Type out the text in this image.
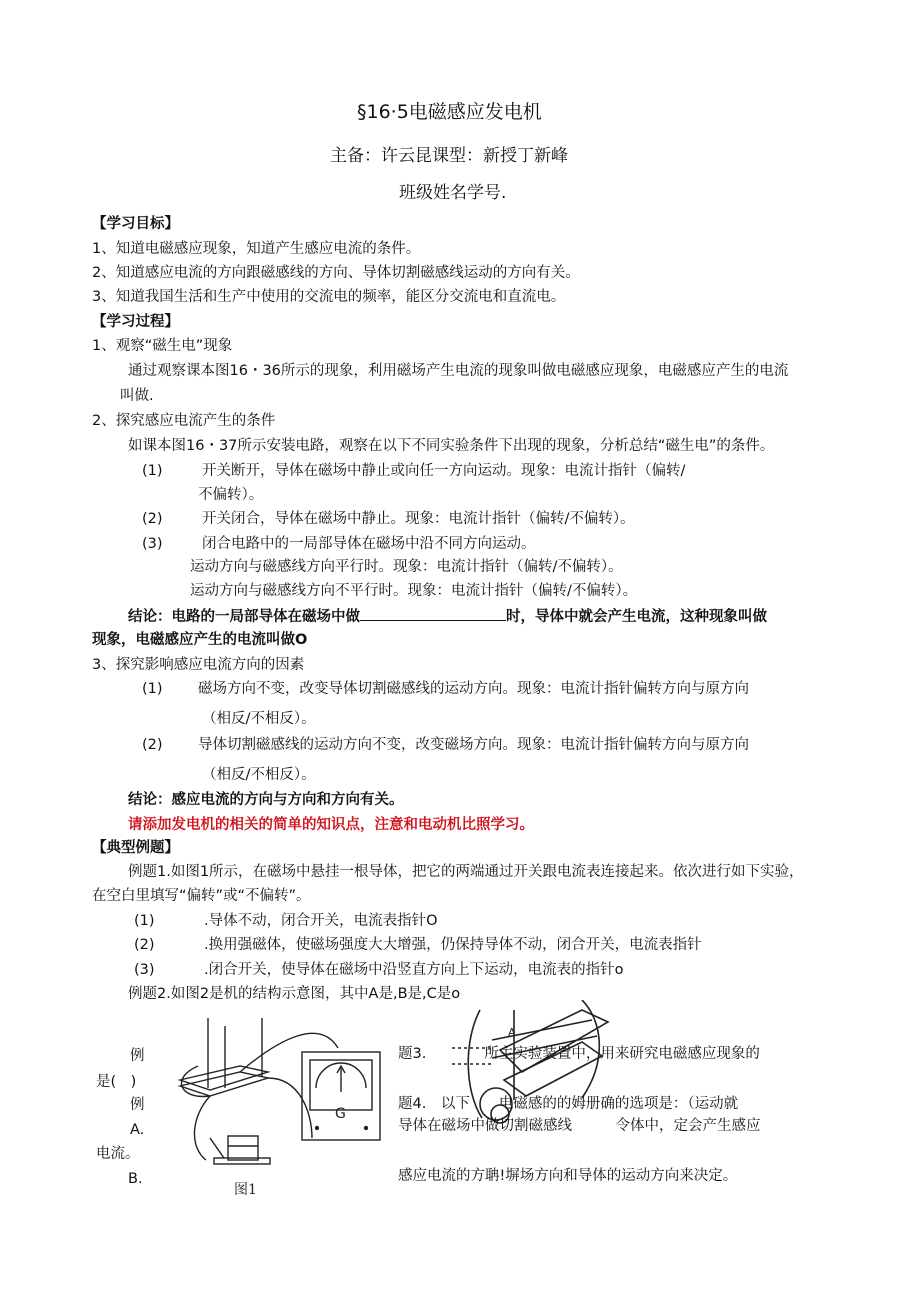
§16·5电磁感应发电机
主备：许云昆课型：新授丁新峰
班级姓名学号.
【学习目标】
1、知道电磁感应现象，知道产生感应电流的条件。
2、知道感应电流的方向跟磁感线的方向、导体切割磁感线运动的方向有关。
3、知道我国生活和生产中使用的交流电的频率，能区分交流电和直流电。
【学习过程】
1、观察“磁生电”现象
通过观察课本图16・36所示的现象，利用磁场产生电流的现象叫做电磁感应现象，电磁感应产生的电流
叫做.
2、探究感应电流产生的条件
如课本图16・37所示安装电路，观察在以下不同实验条件下出现的现象，分析总结“磁生电”的条件。
(1)	开关断开，导体在磁场中静止或向任一方向运动。现象：电流计指针（偏转/
不偏转）。
(2)	开关闭合，导体在磁场中静止。现象：电流计指针（偏转/不偏转）。
(3)	闭合电路中的一局部导体在磁场中沿不同方向运动。
运动方向与磁感线方向平行时。现象：电流计指针（偏转/不偏转）。
运动方向与磁感线方向不平行时。现象：电流计指针（偏转/不偏转）。
结论：电路的一局部导体在磁场中做	时，导体中就会产生电流，这种现象叫做
现象，电磁感应产生的电流叫做O
3、探究影响感应电流方向的因素
(1) 磁场方向不变，改变导体切割磁感线的运动方向。现象：电流计指针偏转方向与原方向
（相反/不相反）。
(2) 导体切割磁感线的运动方向不变，改变磁场方向。现象：电流计指针偏转方向与原方向
（相反/不相反）。
结论：感应电流的方向与方向和方向有关。
请添加发电机的相关的简单的知识点，注意和电动机比照学习。
【典型例题】
例题1.如图1所示，在磁场中悬挂一根导体，把它的两端通过开关跟电流表连接起来。依次进行如下实验，
在空白里填写“偏转”或“不偏转”。
(1)	.导体不动，闭合开关，电流表指针O
(2)	.换用强磁体，使磁场强度大大增强，仍保持导体不动，闭合开关，电流表指针
(3)	.闭合开关，使导体在磁场中沿竖直方向上下运动，电流表的指针o
例题2.如图2是机的结构示意图，其中A是,B是,C是o
例
是(　)
例
A.
电流。
B.
G
图1
A
题3.　　　　所主实验装置中，用来研究电磁感应现象的
题4.　以下　　电磁感的的姆册确的选项是：（运动就
导体在磁场中做切割磁感线　　　令体中，定会产生感应
感应电流的方聃!塀场方向和导体的运动方向来决定。
